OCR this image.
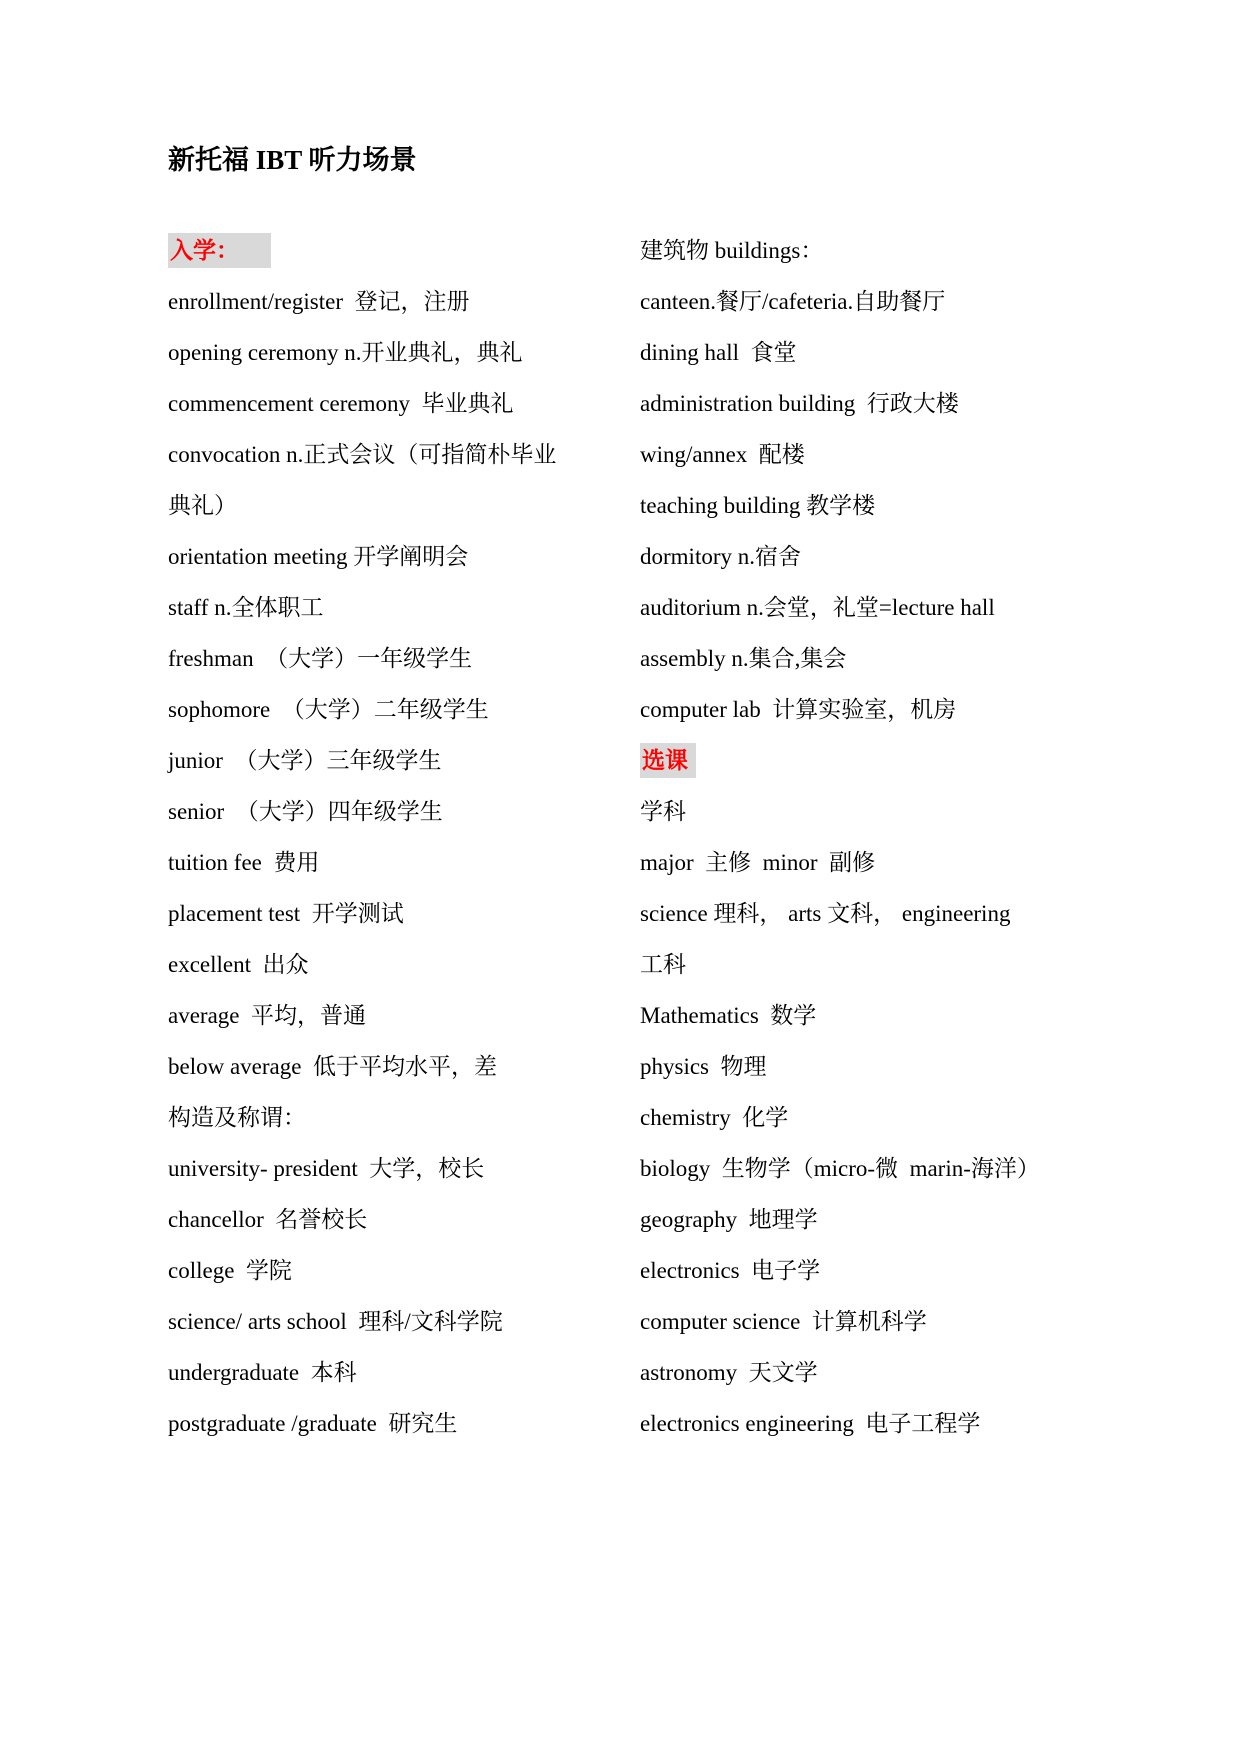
新托福 IBT 听力场景

入学：

enrollment/register  登记，注册

opening ceremony n.开业典礼，典礼

commencement ceremony  毕业典礼

convocation n.正式会议（可指简朴毕业

典礼）

orientation meeting 开学阐明会

staff n.全体职工

freshman  （大学）一年级学生

sophomore  （大学）二年级学生

junior  （大学）三年级学生

senior  （大学）四年级学生

tuition fee  费用

placement test  开学测试

excellent  出众

average  平均，普通

below average  低于平均水平，差

构造及称谓：

university- president  大学，校长

chancellor  名誉校长

college  学院

science/ arts school  理科/文科学院

undergraduate  本科

postgraduate /graduate  研究生

建筑物 buildings：

canteen.餐厅/cafeteria.自助餐厅

dining hall  食堂

administration building  行政大楼

wing/annex  配楼

teaching building 教学楼

dormitory n.宿舍

auditorium n.会堂，礼堂=lecture hall

assembly n.集合,集会

computer lab  计算实验室，机房

选课

学科

major  主修  minor  副修

science 理科， arts 文科， engineering

工科

Mathematics  数学

physics  物理

chemistry  化学

biology  生物学（micro-微  marin-海洋）

geography  地理学

electronics  电子学

computer science  计算机科学

astronomy  天文学

electronics engineering  电子工程学
